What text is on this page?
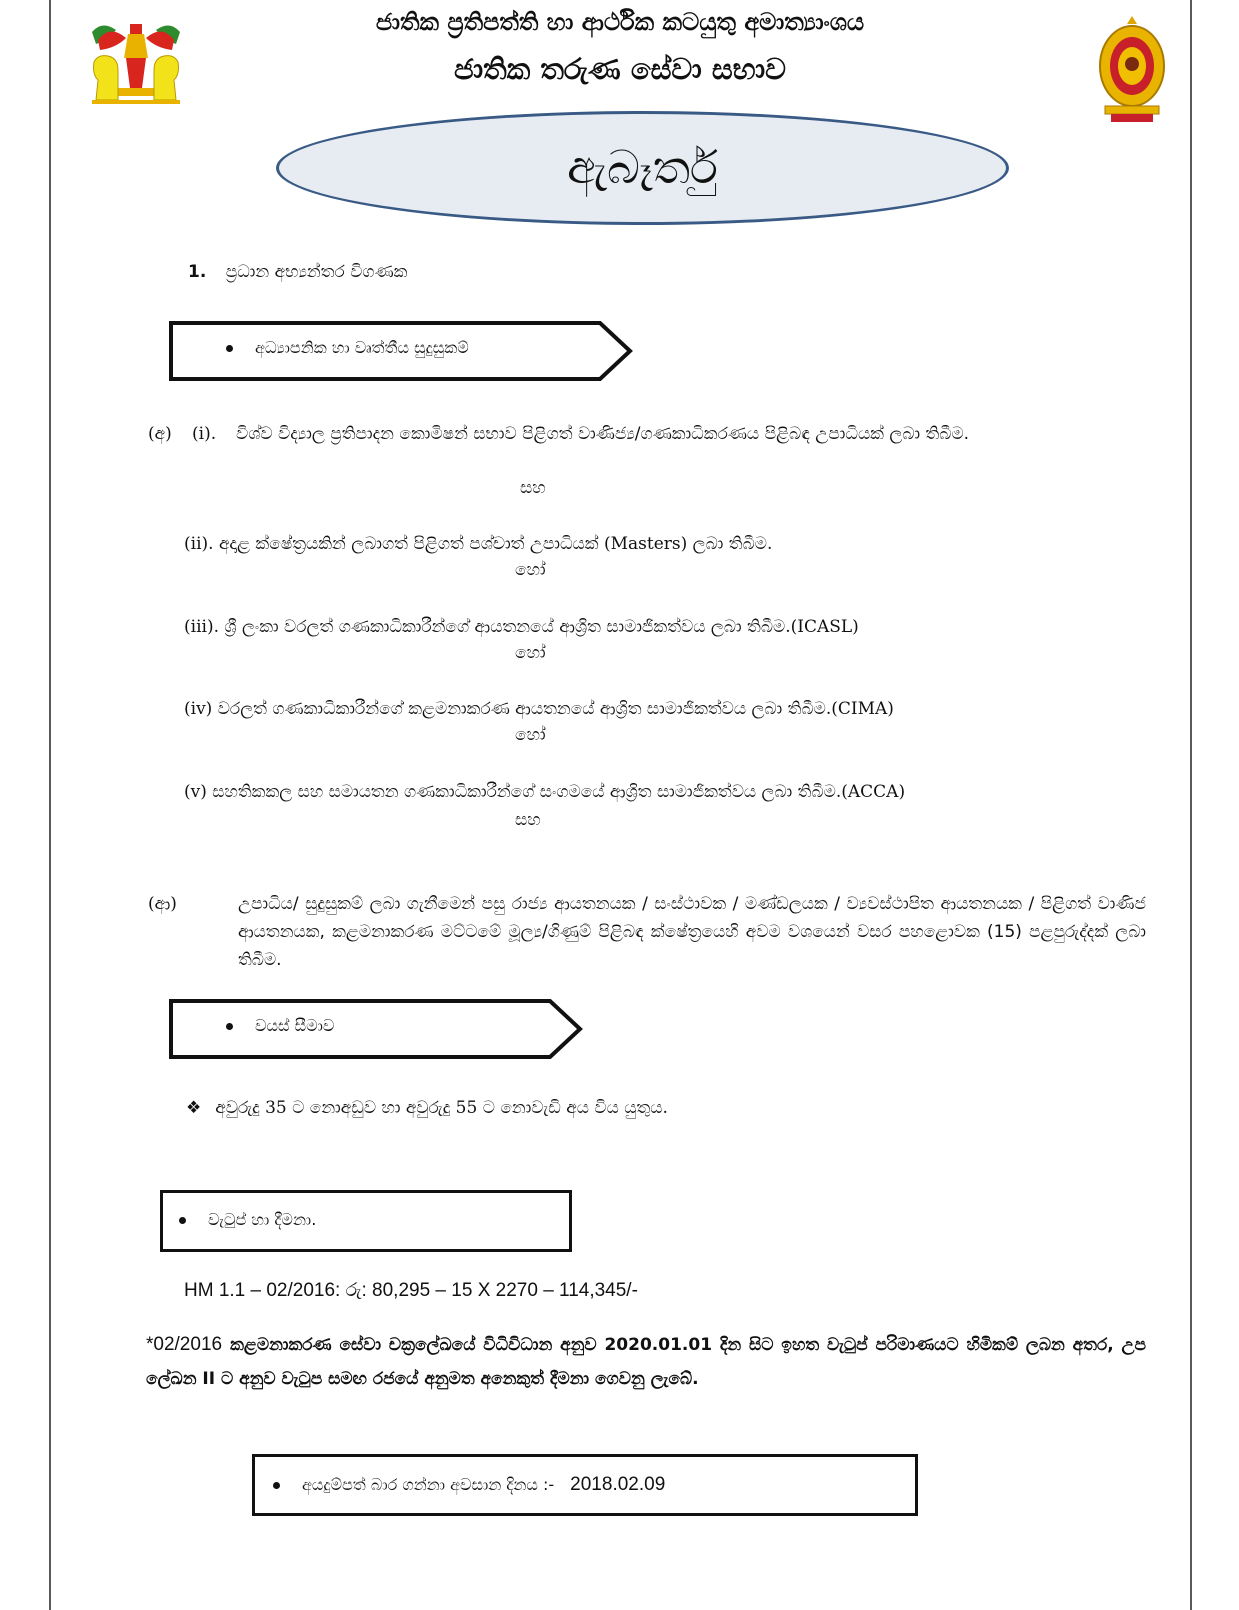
ජාතික ප්‍රතිපත්ති හා ආර්ථික කටයුතු අමාත්‍යාංශය
ජාතික තරුණ සේවා සභාව
ඇබෑර්තු
1. ප්‍රධාන අභ්‍යන්තර විගණක
අධ්‍යාපනික හා වෘත්තීය සුදුසුකම්
(අ) (i). විශ්ව විද්‍යාල ප්‍රතිපාදන කොමිෂන් සභාව පිළිගත් වාණිජ්‍ය/ගණකාධිකරණය පිළිබඳ උපාධියක් ලබා තිබීම.
සහ
(ii). අදාළ ක්ෂේත්‍රයකින් ලබාගත් පිළිගත් පශ්චාත් උපාධියක් (Masters) ලබා තිබීම.
හෝ
(iii). ශ්‍රී ලංකා වරලත් ගණකාධිකාරීන්ගේ ආයතනයේ ආශ්‍රිත සාමාජිකත්වය ලබා තිබීම.(ICASL)
හෝ
(iv) වරලත් ගණකාධිකාරීන්ගේ කළමනාකරණ ආයතනයේ ආශ්‍රිත සාමාජිකත්වය ලබා තිබීම.(CIMA)
හෝ
(v) සහතිකකල සහ සමායතන ගණකාධිකාරීන්ගේ සංගමයේ ආශ්‍රිත සාමාජිකත්වය ලබා තිබීම.(ACCA)
සහ
(ආ)	උපාධිය/ සුදුසුකම් ලබා ගැනීමෙන් පසු රාජ්‍ය ආයතනයක / සංස්ථාවක / මණ්ඩලයක / ව්‍යවස්ථාපිත ආයතනයක / පිළිගත් වාණිජ ආයතනයක, කළමනාකරණ මට්ටමේ මූල්‍ය/ගිණුම් පිළිබඳ ක්ෂේත්‍රයෙහි අවම වශයෙන් වසර පහළොවක (15) පළපුරුද්දක් ලබා තිබීම.
වයස් සීමාව
❖ අවුරුදු 35 ට නොඅඩුව හා අවුරුදු 55 ට නොවැඩි අය විය යුතුය.
වැටුප් හා දීමනා.
HM 1.1 – 02/2016: රු: 80,295 – 15 X 2270 – 114,345/-
*02/2016 කළමනාකරණ සේවා චක්‍රලේඛයේ විධිවිධාන අනුව 2020.01.01 දින සිට ඉහත වැටුප් පරිමාණයට හිමිකම් ලබන අතර, උප ලේඛන II ට අනුව වැටුප සමඟ රජයේ අනුමත අනෙකුත් දීමනා ගෙවනු ලැබේ.
අයදුම්පත් බාර ගන්නා අවසාන දිනය :- 2018.02.09
